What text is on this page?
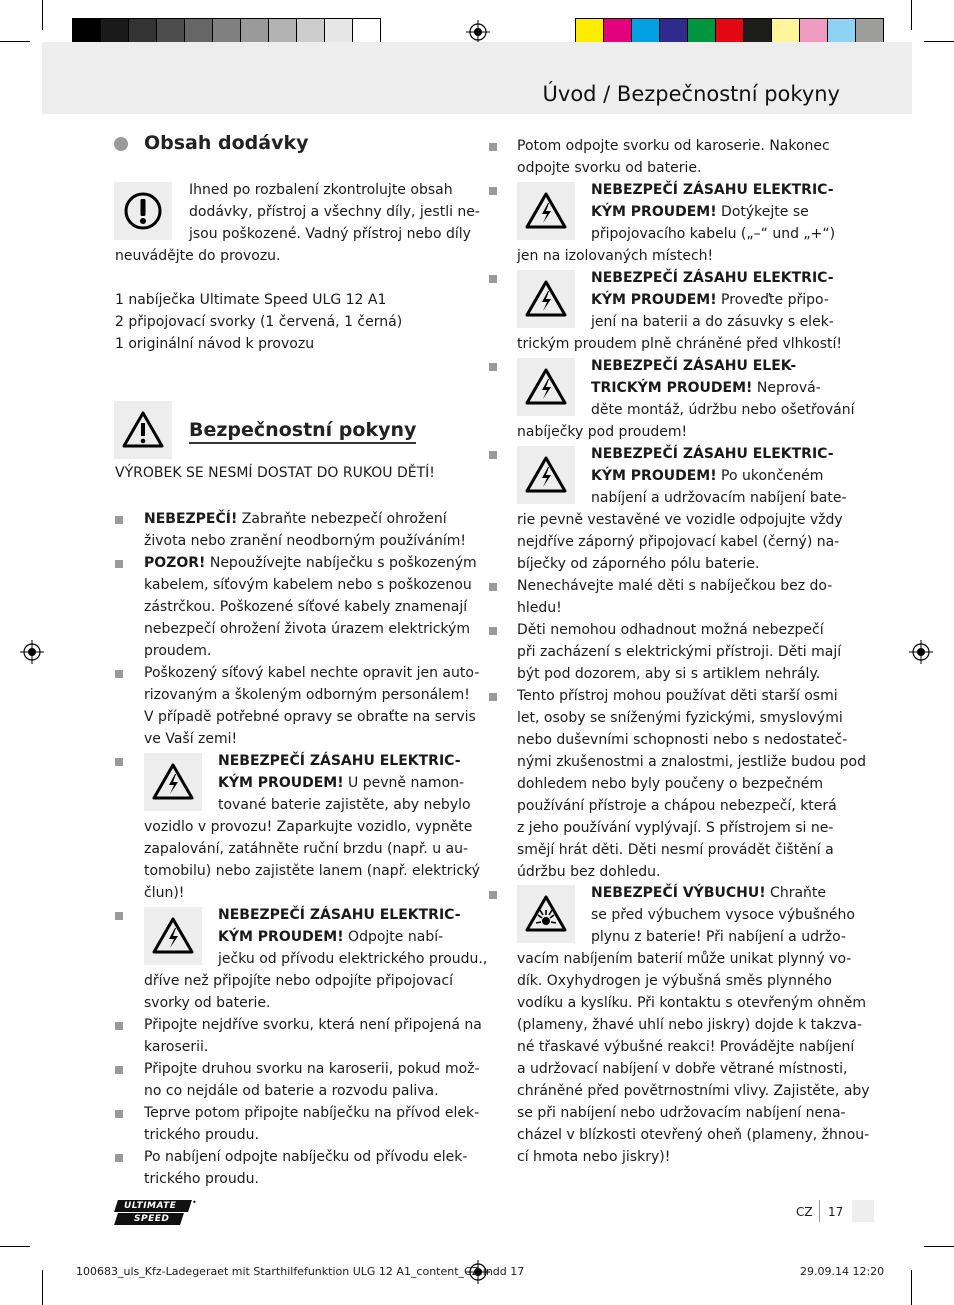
Úvod / Bezpečnostní pokyny
Obsah dodávky
Ihned po rozbalení zkontrolujte obsah
dodávky, přístroj a všechny díly, jestli ne-
jsou poškozené. Vadný přístroj nebo díly
neuvádějte do provozu.
1 nabíječka Ultimate Speed ULG 12 A1
2 připojovací svorky (1 červená, 1 černá)
1 originální návod k provozu
Bezpečnostní pokyny
VÝROBEK SE NESMÍ DOSTAT DO RUKOU DĚTÍ!
NEBEZPEČÍ! Zabraňte nebezpečí ohrožení
života nebo zranění neodborným používáním!
POZOR! Nepoužívejte nabíječku s poškozeným
kabelem, síťovým kabelem nebo s poškozenou
zástrčkou. Poškozené síťové kabely znamenají
nebezpečí ohrožení života úrazem elektrickým
proudem.
Poškozený síťový kabel nechte opravit jen auto-
rizovaným a školeným odborným personálem!
V případě potřebné opravy se obraťte na servis
ve Vaší zemi!
NEBEZPEČÍ ZÁSAHU ELEKTRIC-
KÝM PROUDEM! U pevně namon-
tované baterie zajistěte, aby nebylo
vozidlo v provozu! Zaparkujte vozidlo, vypněte
zapalování, zatáhněte ruční brzdu (např. u au-
tomobilu) nebo zajistěte lanem (např. elektrický
člun)!
NEBEZPEČÍ ZÁSAHU ELEKTRIC-
KÝM PROUDEM! Odpojte nabí-
ječku od přívodu elektrického proudu.,
dříve než připojíte nebo odpojíte připojovací
svorky od baterie.
Připojte nejdříve svorku, která není připojená na
karoserii.
Připojte druhou svorku na karoserii, pokud mož-
no co nejdále od baterie a rozvodu paliva.
Teprve potom připojte nabíječku na přívod elek-
trického proudu.
Po nabíjení odpojte nabíječku od přívodu elek-
trického proudu.
Potom odpojte svorku od karoserie. Nakonec
odpojte svorku od baterie.
NEBEZPEČÍ ZÁSAHU ELEKTRIC-
KÝM PROUDEM! Dotýkejte se
připojovacího kabelu („–“ und „+“)
jen na izolovaných místech!
NEBEZPEČÍ ZÁSAHU ELEKTRIC-
KÝM PROUDEM! Proveďte připo-
jení na baterii a do zásuvky s elek-
trickým proudem plně chráněné před vlhkostí!
NEBEZPEČÍ ZÁSAHU ELEK-
TRICKÝM PROUDEM! Neprová-
děte montáž, údržbu nebo ošetřování
nabíječky pod proudem!
NEBEZPEČÍ ZÁSAHU ELEKTRIC-
KÝM PROUDEM! Po ukončeném
nabíjení a udržovacím nabíjení bate-
rie pevně vestavěné ve vozidle odpojujte vždy
nejdříve záporný připojovací kabel (černý) na-
bíječky od záporného pólu baterie.
Nenechávejte malé děti s nabíječkou bez do-
hledu!
Děti nemohou odhadnout možná nebezpečí
při zacházení s elektrickými přístroji. Děti mají
být pod dozorem, aby si s artiklem nehrály.
Tento přístroj mohou používat děti starší osmi
let, osoby se sníženými fyzickými, smyslovými
nebo duševními schopnosti nebo s nedostateč-
nými zkušenostmi a znalostmi, jestliže budou pod
dohledem nebo byly poučeny o bezpečném
používání přístroje a chápou nebezpečí, která
z jeho používání vyplývají. S přístrojem si ne-
smějí hrát děti. Děti nesmí provádět čištění a
údržbu bez dohledu.
NEBEZPEČÍ VÝBUCHU! Chraňte
se před výbuchem vysoce výbušného
plynu z baterie! Při nabíjení a udržo-
vacím nabíjením baterií může unikat plynný vo-
dík. Oxyhydrogen je výbušná směs plynného
vodíku a kyslíku. Při kontaktu s otevřeným ohněm
(plameny, žhavé uhlí nebo jiskry) dojde k takzva-
né třaskavé výbušné reakci! Provádějte nabíjení
a udržovací nabíjení v dobře větrané místnosti,
chráněné před povětrnostními vlivy. Zajistěte, aby
se při nabíjení nebo udržovacím nabíjení nena-
cházel v blízkosti otevřený oheň (plameny, žhnou-
cí hmota nebo jiskry)!
ULTIMATE
SPEED
•
CZ 17
100683_uls_Kfz-Ladegeraet mit Starthilfefunktion ULG 12 A1_content_CZ.indd 17	29.09.14 12:20
